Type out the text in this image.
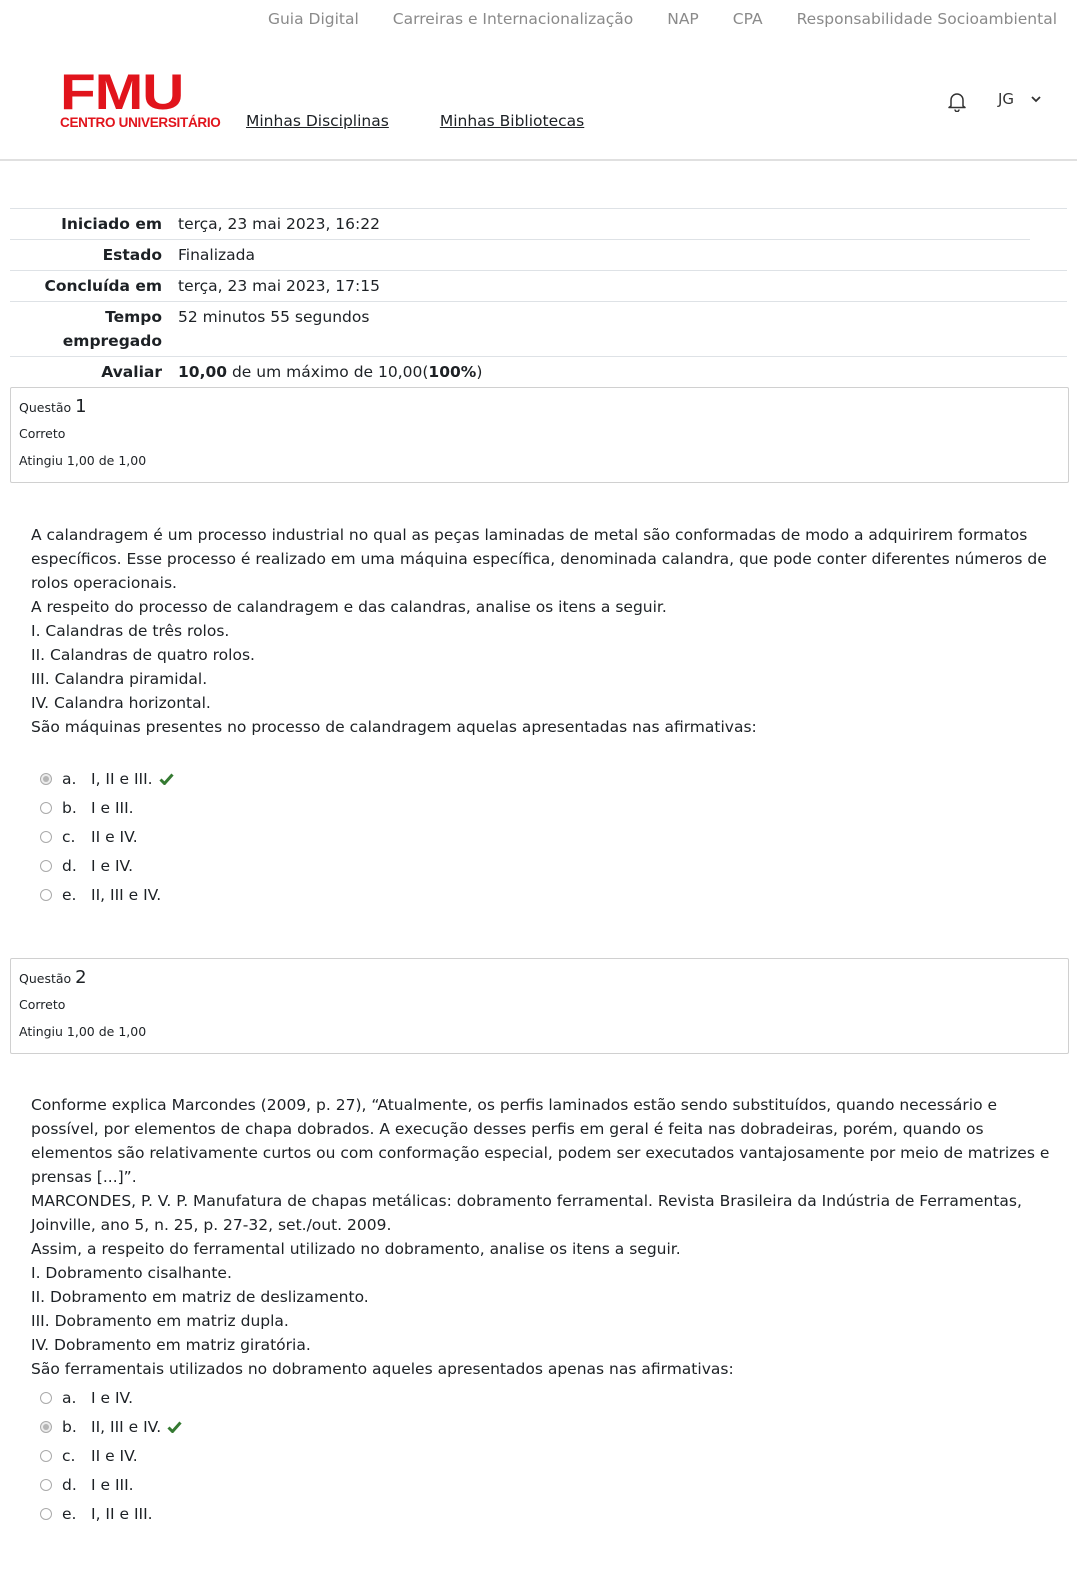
Guia Digital Carreiras e Internacionalização NAP CPA Responsabilidade Socioambiental
FMU
CENTRO UNIVERSITÁRIO Minhas Disciplinas	Minhas Bibliotecas
JG
Iniciado em	terça, 23 mai 2023, 16:22
Estado	Finalizada
Concluída em	terça, 23 mai 2023, 17:15
Tempo
empregado
52 minutos 55 segundos
Avaliar	10,00 de um máximo de 10,00(100%)
Questão 1
Correto
Atingiu 1,00 de 1,00

A calandragem é um processo industrial no qual as peças laminadas de metal são conformadas de modo a adquirirem formatos específicos. Esse processo é realizado em uma máquina específica, denominada calandra, que pode conter diferentes números de rolos operacionais.

A respeito do processo de calandragem e das calandras, analise os itens a seguir.

I. Calandras de três rolos.

II. Calandras de quatro rolos.

III. Calandra piramidal.

IV. Calandra horizontal.

São máquinas presentes no processo de calandragem aquelas apresentadas nas afirmativas:

a. I, II e III.
b. I e III.
c.	II e IV.
d. I e IV.
e. II, III e IV.
Questão 2
Correto
Atingiu 1,00 de 1,00

Conforme explica Marcondes (2009, p. 27), “Atualmente, os perfis laminados estão sendo substituídos, quando necessário e possível, por elementos de chapa dobrados. A execução desses perfis em geral é feita nas dobradeiras, porém, quando os elementos são relativamente curtos ou com conformação especial, podem ser executados vantajosamente por meio de matrizes e prensas [...]”.

MARCONDES, P. V. P. Manufatura de chapas metálicas: dobramento ferramental. Revista Brasileira da Indústria de Ferramentas, Joinville, ano 5, n. 25, p. 27-32, set./out. 2009.

Assim, a respeito do ferramental utilizado no dobramento, analise os itens a seguir.

I. Dobramento cisalhante.

II. Dobramento em matriz de deslizamento.

III. Dobramento em matriz dupla.

IV. Dobramento em matriz giratória.

São ferramentais utilizados no dobramento aqueles apresentados apenas nas afirmativas:

a. I e IV.
b. II, III e IV.
c.	II e IV.
d. I e III.
e. I, II e III.
